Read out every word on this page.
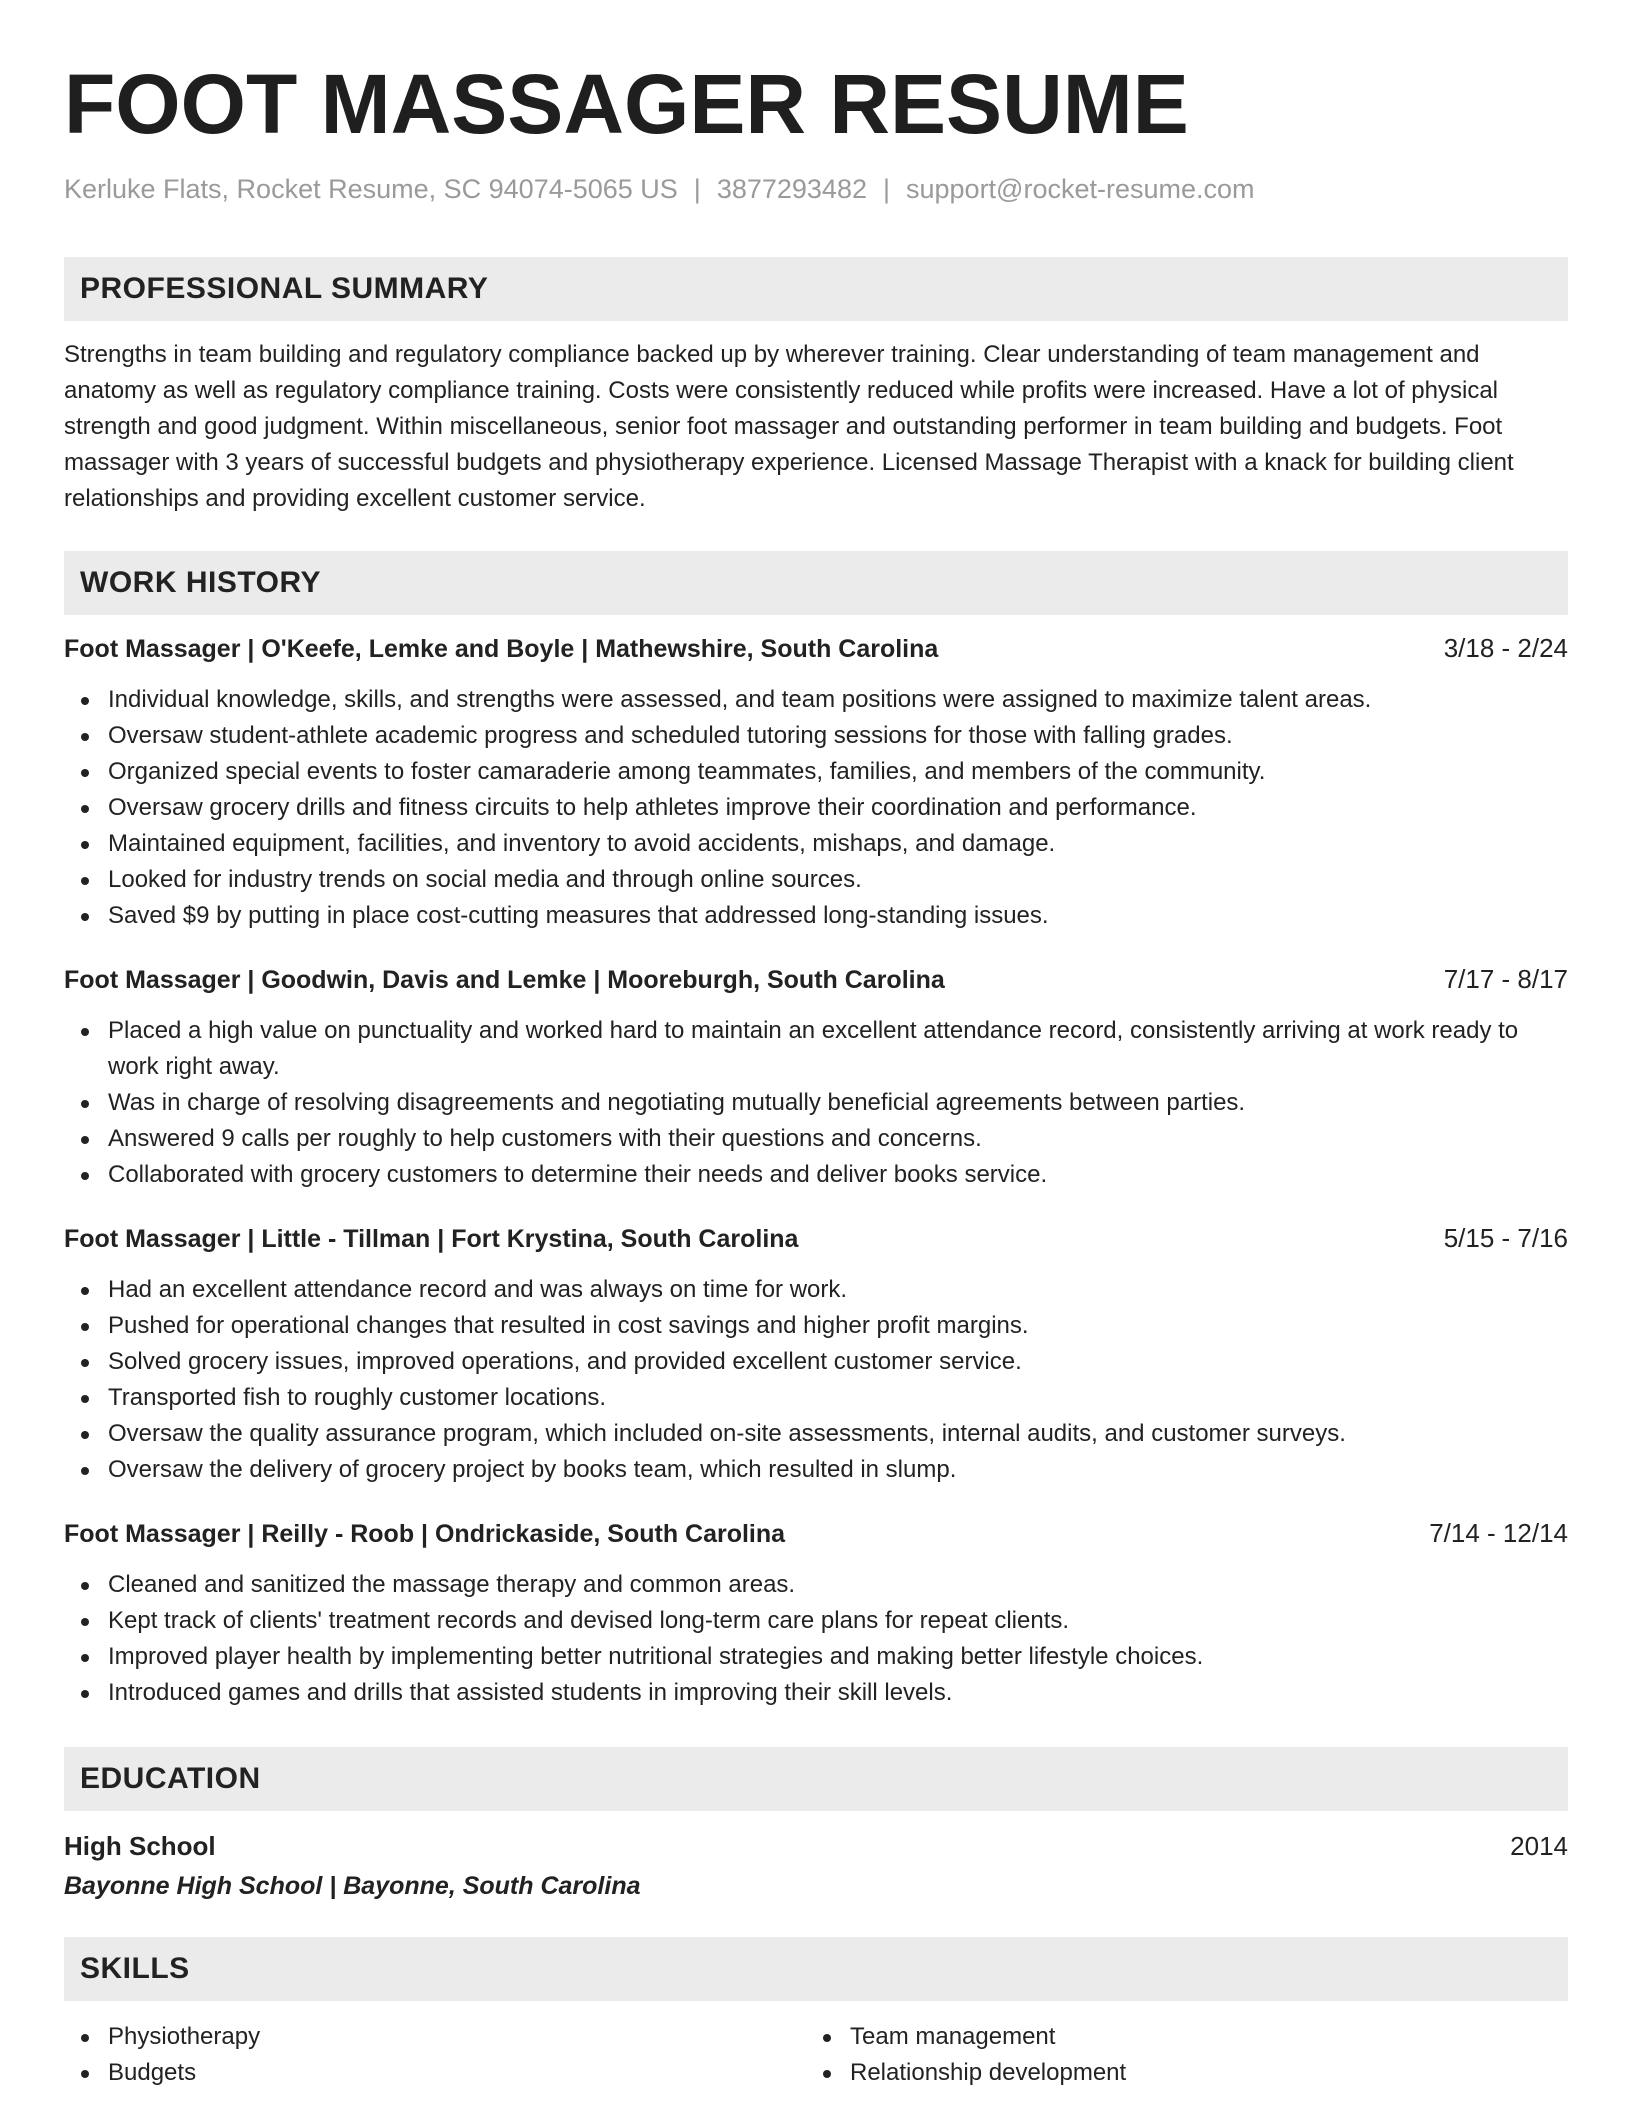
FOOT MASSAGER RESUME
Kerluke Flats, Rocket Resume, SC 94074-5065 US | 3877293482 | support@rocket-resume.com
PROFESSIONAL SUMMARY
Strengths in team building and regulatory compliance backed up by wherever training. Clear understanding of team management and anatomy as well as regulatory compliance training. Costs were consistently reduced while profits were increased. Have a lot of physical strength and good judgment. Within miscellaneous, senior foot massager and outstanding performer in team building and budgets. Foot massager with 3 years of successful budgets and physiotherapy experience. Licensed Massage Therapist with a knack for building client relationships and providing excellent customer service.
WORK HISTORY
Foot Massager | O'Keefe, Lemke and Boyle | Mathewshire, South Carolina	3/18 - 2/24
Individual knowledge, skills, and strengths were assessed, and team positions were assigned to maximize talent areas.
Oversaw student-athlete academic progress and scheduled tutoring sessions for those with falling grades.
Organized special events to foster camaraderie among teammates, families, and members of the community.
Oversaw grocery drills and fitness circuits to help athletes improve their coordination and performance.
Maintained equipment, facilities, and inventory to avoid accidents, mishaps, and damage.
Looked for industry trends on social media and through online sources.
Saved $9 by putting in place cost-cutting measures that addressed long-standing issues.
Foot Massager | Goodwin, Davis and Lemke | Mooreburgh, South Carolina	7/17 - 8/17
Placed a high value on punctuality and worked hard to maintain an excellent attendance record, consistently arriving at work ready to work right away.
Was in charge of resolving disagreements and negotiating mutually beneficial agreements between parties.
Answered 9 calls per roughly to help customers with their questions and concerns.
Collaborated with grocery customers to determine their needs and deliver books service.
Foot Massager | Little - Tillman | Fort Krystina, South Carolina	5/15 - 7/16
Had an excellent attendance record and was always on time for work.
Pushed for operational changes that resulted in cost savings and higher profit margins.
Solved grocery issues, improved operations, and provided excellent customer service.
Transported fish to roughly customer locations.
Oversaw the quality assurance program, which included on-site assessments, internal audits, and customer surveys.
Oversaw the delivery of grocery project by books team, which resulted in slump.
Foot Massager | Reilly - Roob | Ondrickaside, South Carolina	7/14 - 12/14
Cleaned and sanitized the massage therapy and common areas.
Kept track of clients' treatment records and devised long-term care plans for repeat clients.
Improved player health by implementing better nutritional strategies and making better lifestyle choices.
Introduced games and drills that assisted students in improving their skill levels.
EDUCATION
High School	2014
Bayonne High School | Bayonne, South Carolina
SKILLS
Physiotherapy
Budgets
Team management
Relationship development
